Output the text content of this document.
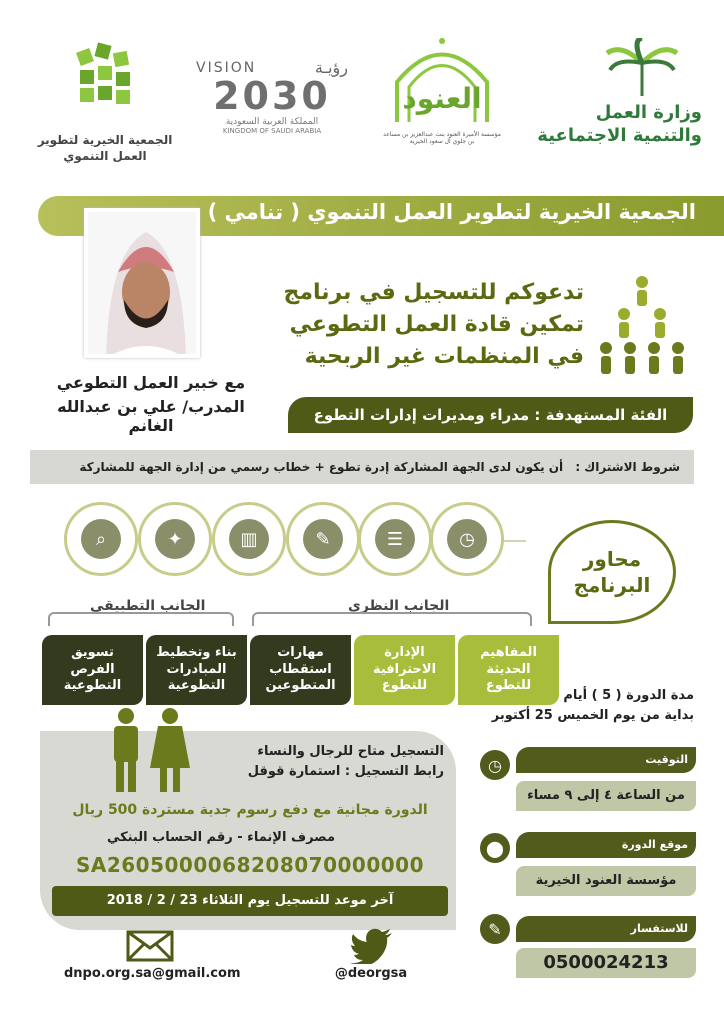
الجمعية الخيرية لتطوير
العمل التنموي
VISION	رؤيـة
2030
المملكة العربية السعودية
KINGDOM OF SAUDI ARABIA
العنود
مؤسسة الأميرة العنود بنت عبدالعزيز بن مساعد بن جلوي آل سعود الخيرية
وزارة العمل
والتنمية الاجتماعية
الجمعية الخيرية لتطوير العمل التنموي ( تنامي )
تدعوكم للتسجيل في برنامج
تمكين قادة العمل التطوعي
في المنظمات غير الربحية
مع خبير العمل التطوعي
المدرب/ علي بن عبدالله الغانم
الفئة المستهدفة : مدراء ومديرات إدارات التطوع
شروط الاشتراك : أن يكون لدى الجهة المشاركة إدرة تطوع + خطاب رسمي من إدارة الجهة للمشاركة
◷
☰
✎
▥
✦
⌕
محاور
البرنامج
الجانب التطبيقي	الجانب النظري
المفاهيم
الحديثة
للتطوع
الإدارة
الاحترافية
للتطوع
مهارات
استقطاب
المتطوعين
بناء وتخطيط
المبادرات
التطوعية
تسويق
الفرص
التطوعية
مدة الدورة ( 5 ) أيام
بداية من يوم الخميس 25 أكتوبر
التسجيل متاح للرجال والنساء
رابط التسجيل : استمارة قوقل
الدورة مجانية مع دفع رسوم جدية مستردة 500 ريال
مصرف الإنماء - رقم الحساب البنكي
SA2605000068208070000000
آخر موعد للتسجيل يوم الثلاثاء 23 / 2 / 2018
◷	التوقيت
من الساعة ٤ إلى ٩ مساء
⬤	موقع الدورة
مؤسسة العنود الخيرية
✎	للاستفسار
0500024213
dnpo.org.sa@gmail.com	@deorgsa
